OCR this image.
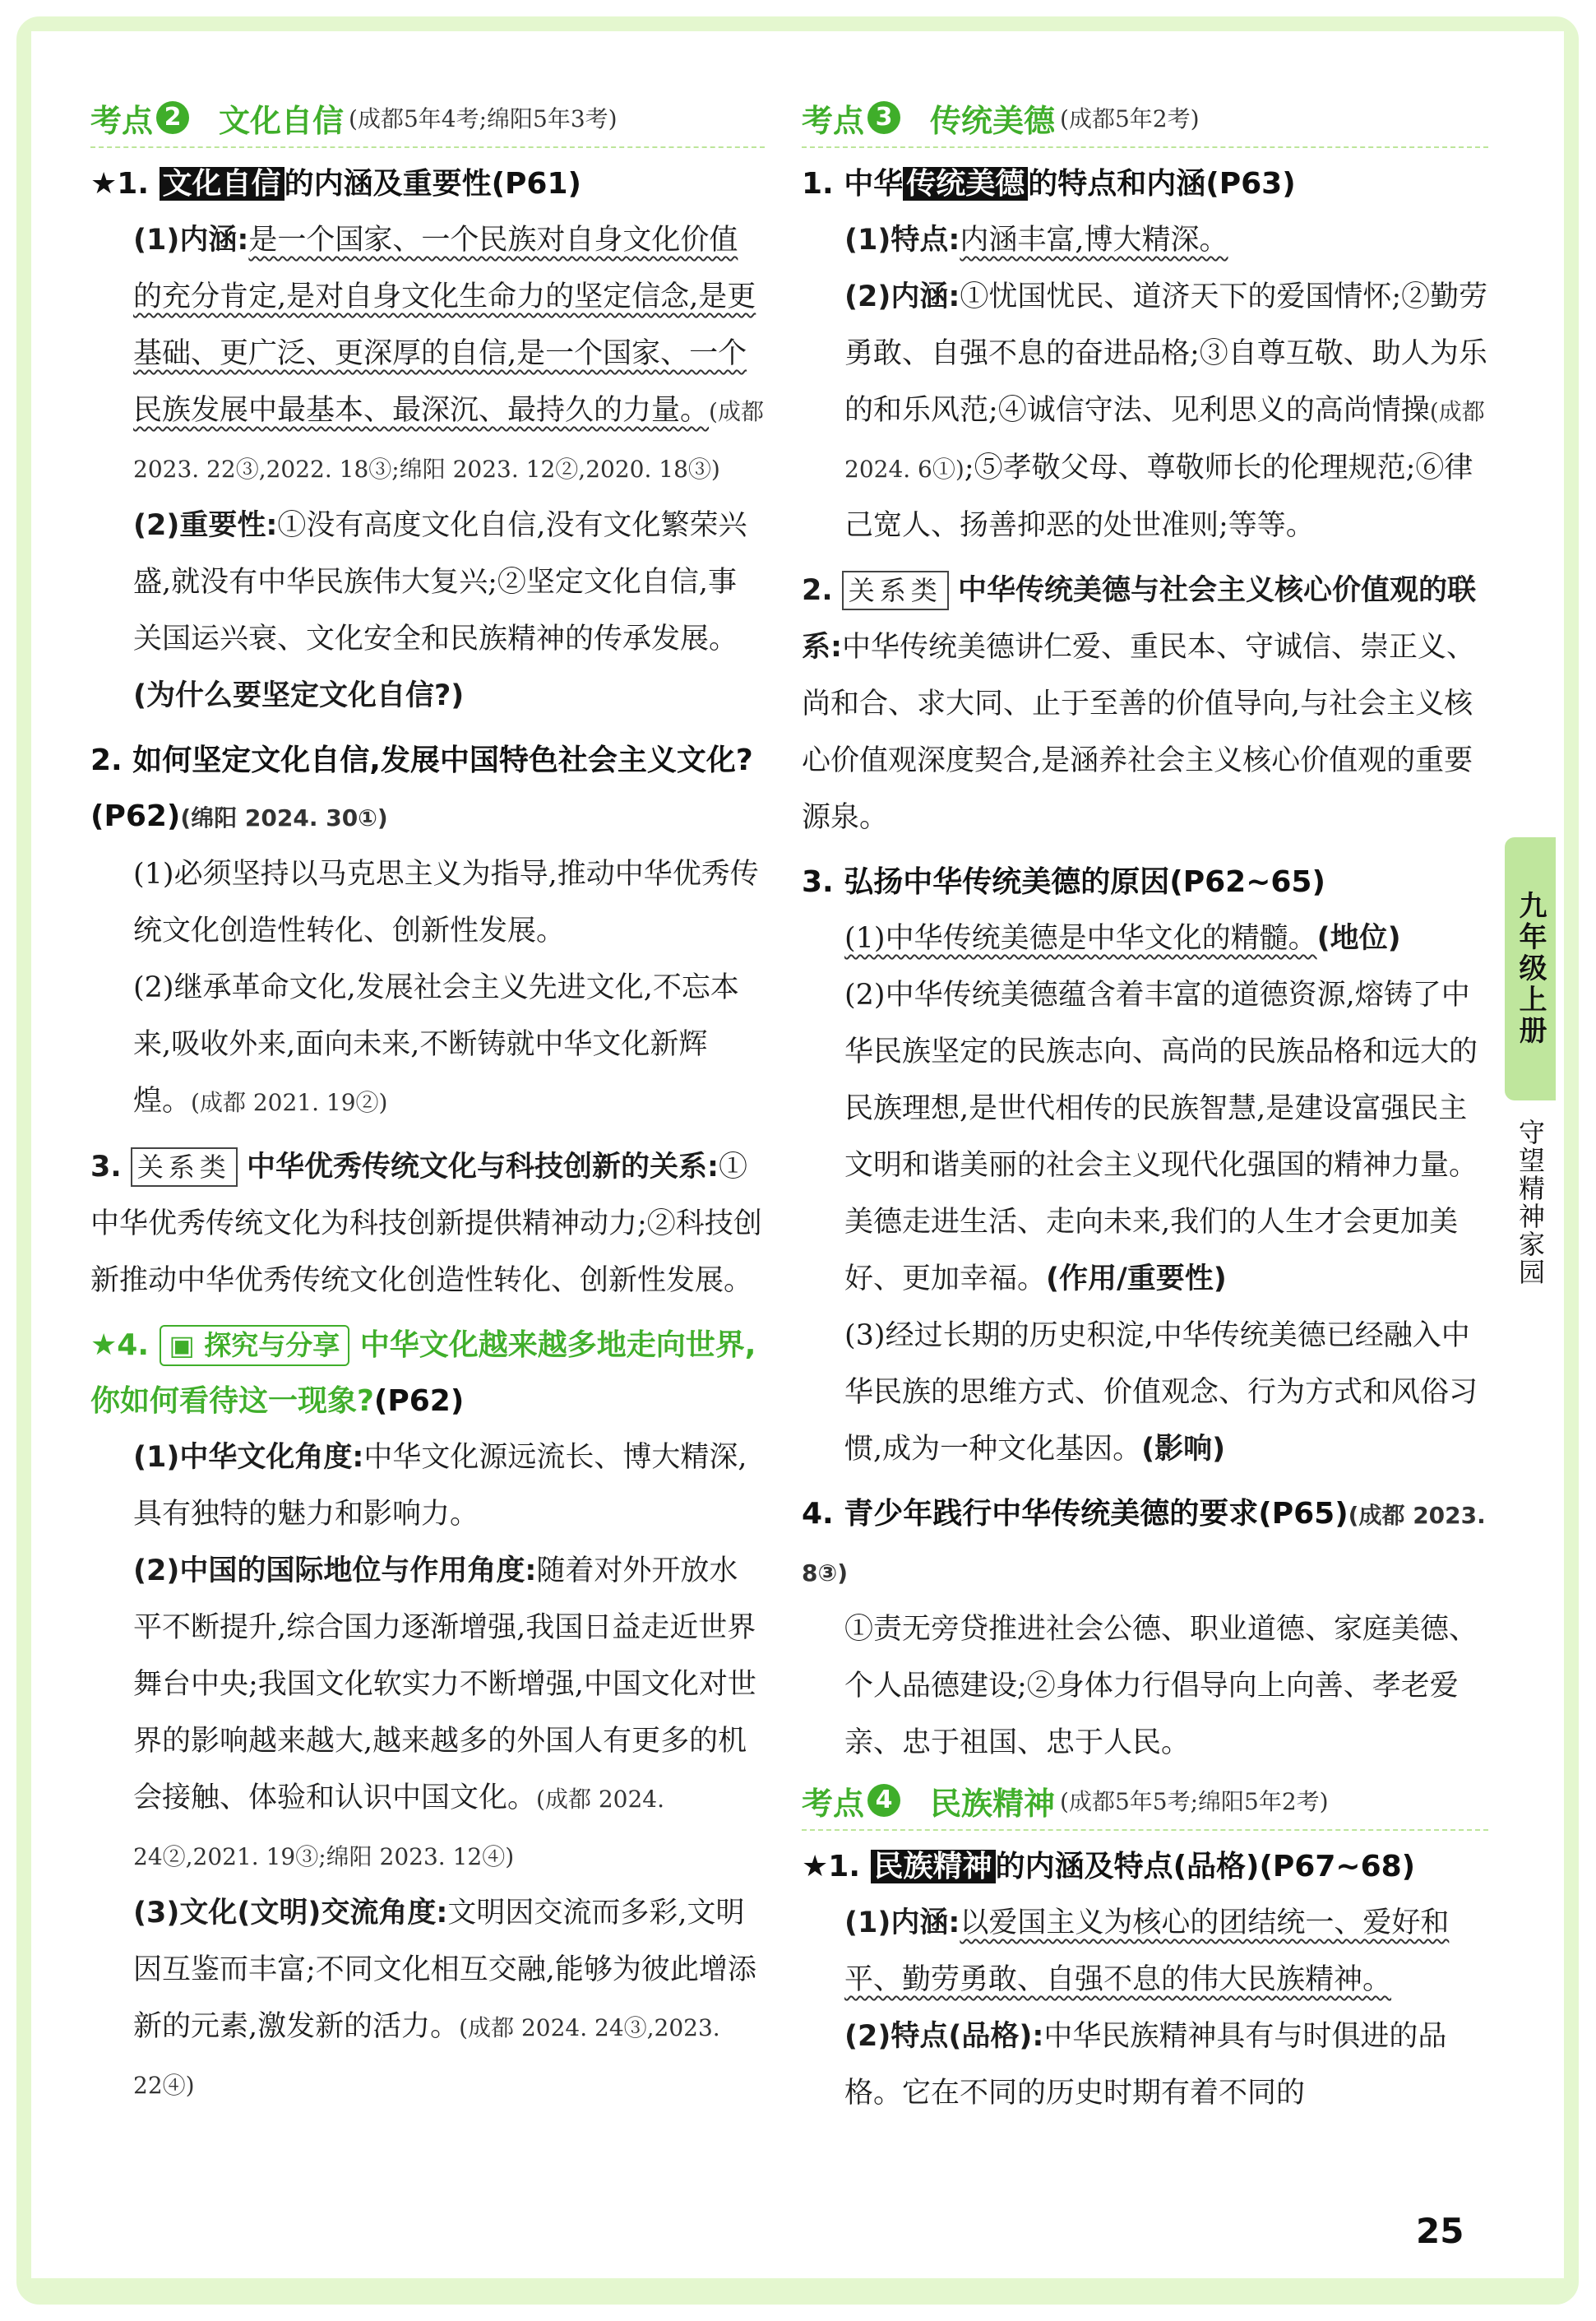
考点 2 文化自信 (成都5年4考;绵阳5年3考)
★1. 文化自信 的内涵及重要性(P61)

(1)内涵:是一个国家、一个民族对自身文化价值的充分肯定,是对自身文化生命力的坚定信念,是更基础、更广泛、更深厚的自信,是一个国家、一个民族发展中最基本、最深沉、最持久的力量。(成都 2023. 22③,2022. 18③;绵阳 2023. 12②,2020. 18③)

(2)重要性:①没有高度文化自信,没有文化繁荣兴盛,就没有中华民族伟大复兴;②坚定文化自信,事关国运兴衰、文化安全和民族精神的传承发展。(为什么要坚定文化自信?)

2. 如何坚定文化自信,发展中国特色社会主义文化?(P62)(绵阳 2024. 30①)

(1)必须坚持以马克思主义为指导,推动中华优秀传统文化创造性转化、创新性发展。

(2)继承革命文化,发展社会主义先进文化,不忘本来,吸收外来,面向未来,不断铸就中华文化新辉煌。(成都 2021. 19②)

3. 关系类 中华优秀传统文化与科技创新的关系:①中华优秀传统文化为科技创新提供精神动力;②科技创新推动中华优秀传统文化创造性转化、创新性发展。

★4. ▣ 探究与分享 中华文化越来越多地走向世界,你如何看待这一现象?(P62)

(1)中华文化角度:中华文化源远流长、博大精深,具有独特的魅力和影响力。

(2)中国的国际地位与作用角度:随着对外开放水平不断提升,综合国力逐渐增强,我国日益走近世界舞台中央;我国文化软实力不断增强,中国文化对世界的影响越来越大,越来越多的外国人有更多的机会接触、体验和认识中国文化。(成都 2024. 24②,2021. 19③;绵阳 2023. 12④)

(3)文化(文明)交流角度:文明因交流而多彩,文明因互鉴而丰富;不同文化相互交融,能够为彼此增添新的元素,激发新的活力。(成都 2024. 24③,2023. 22④)

考点 3 传统美德 (成都5年2考)
1. 中华 传统美德 的特点和内涵(P63)

(1)特点:内涵丰富,博大精深。

(2)内涵:①忧国忧民、道济天下的爱国情怀;②勤劳勇敢、自强不息的奋进品格;③自尊互敬、助人为乐的和乐风范;④诚信守法、见利思义的高尚情操(成都 2024. 6①);⑤孝敬父母、尊敬师长的伦理规范;⑥律己宽人、扬善抑恶的处世准则;等等。

2. 关系类 中华传统美德与社会主义核心价值观的联系:中华传统美德讲仁爱、重民本、守诚信、崇正义、尚和合、求大同、止于至善的价值导向,与社会主义核心价值观深度契合,是涵养社会主义核心价值观的重要源泉。

3. 弘扬中华传统美德的原因(P62~65)

(1)中华传统美德是中华文化的精髓。(地位)

(2)中华传统美德蕴含着丰富的道德资源,熔铸了中华民族坚定的民族志向、高尚的民族品格和远大的民族理想,是世代相传的民族智慧,是建设富强民主文明和谐美丽的社会主义现代化强国的精神力量。美德走进生活、走向未来,我们的人生才会更加美好、更加幸福。(作用/重要性)

(3)经过长期的历史积淀,中华传统美德已经融入中华民族的思维方式、价值观念、行为方式和风俗习惯,成为一种文化基因。(影响)

4. 青少年践行中华传统美德的要求(P65)(成都 2023. 8③)

①责无旁贷推进社会公德、职业道德、家庭美德、个人品德建设;②身体力行倡导向上向善、孝老爱亲、忠于祖国、忠于人民。

考点 4 民族精神 (成都5年5考;绵阳5年2考)
★1. 民族精神 的内涵及特点(品格)(P67~68)

(1)内涵:以爱国主义为核心的团结统一、爱好和平、勤劳勇敢、自强不息的伟大民族精神。

(2)特点(品格):中华民族精神具有与时俱进的品格。它在不同的历史时期有着不同的

九年级上册
守望精神家园
25
